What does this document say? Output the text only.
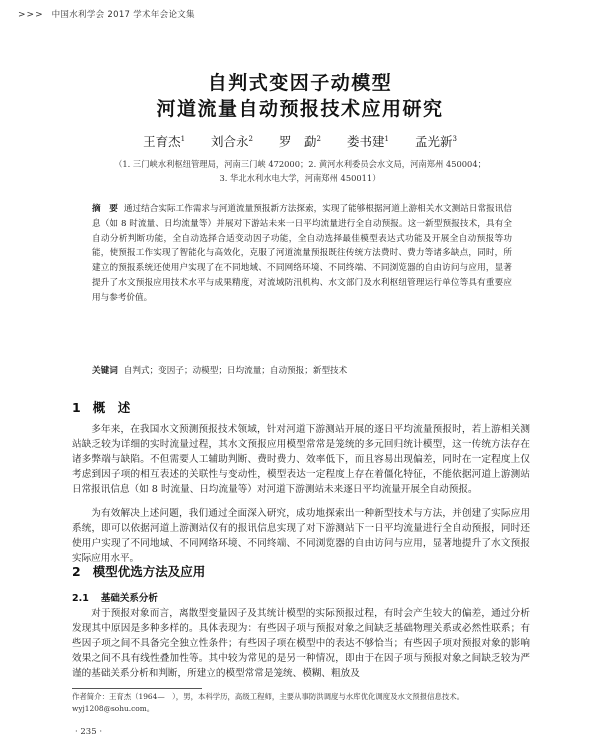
>>> 中国水利学会 2017 学术年会论文集
自判式变因子动模型
河道流量自动预报技术应用研究
王育杰$^1$ 刘合永$^2$ 罗　勐$^2$ 娄书建$^1$ 孟光新$^3$
（1. 三门峡水利枢纽管理局，河南三门峡 472000；2. 黄河水利委员会水文局，河南郑州 450004；
3. 华北水利水电大学，河南郑州 450011）
摘　要 通过结合实际工作需求与河道流量预报新方法探索，实现了能够根据河道上游相关水文测站日常报讯信息（如 8 时流量、日均流量等）并展对下游站未来一日平均流量进行全自动预报。这一新型预报技术，具有全自动分析判断功能，全自动选择合适变动因子功能，全自动选择最佳模型表达式功能及开展全自动预报等功能，使预报工作实现了智能化与高效化，克服了河道流量预报既往传统方法费时、费力等诸多缺点，同时，所建立的预报系统还使用户实现了在不同地域、不同网络环境、不同终端、不同浏览器的自由访问与应用，显著提升了水文预报应用技术水平与成果精度，对流域防汛机构、水文部门及水利枢纽管理运行单位等具有重要应用与参考价值。
关键词 自判式；变因子；动模型；日均流量；自动预报；新型技术
1 概　述
多年来，在我国水文预测预报技术领域，针对河道下游测站开展的逐日平均流量预报时，若上游相关测站缺乏较为详细的实时流量过程，其水文预报应用模型常常是笼统的多元回归统计模型，这一传统方法存在诸多弊端与缺陷。不但需要人工辅助判断、费时费力、效率低下，而且容易出现偏差，同时在一定程度上仅考虑到因子项的相互表述的关联性与变动性，模型表达一定程度上存在着僵化特征，不能依据河道上游测站日常报讯信息（如 8 时流量、日均流量等）对河道下游测站未来逐日平均流量开展全自动预报。
为有效解决上述问题，我们通过全面深入研究，成功地探索出一种新型技术与方法，并创建了实际应用系统，即可以依据河道上游测站仅有的报讯信息实现了对下游测站下一日平均流量进行全自动预报，同时还使用户实现了不同地域、不同网络环境、不同终端、不同浏览器的自由访问与应用，显著地提升了水文预报实际应用水平。
2 模型优选方法及应用
2.1 基础关系分析
对于预报对象而言，离散型变量因子及其统计模型的实际预报过程，有时会产生较大的偏差，通过分析发现其中原因是多种多样的。具体表现为：有些因子项与预报对象之间缺乏基础物理关系或必然性联系；有些因子项之间不具备完全独立性条件；有些因子项在模型中的表达不够恰当；有些因子项对预报对象的影响效果之间不具有线性叠加性等。其中较为常见的是另一种情况，即由于在因子项与预报对象之间缺乏较为严谨的基础关系分析和判断，所建立的模型常常是笼统、模糊、粗放及
作者简介：王育杰（1964—　），男，本科学历，高级工程师，主要从事防洪调度与水库优化调度及水文预报信息技术。wyj1208@sohu.com。
· 235 ·
